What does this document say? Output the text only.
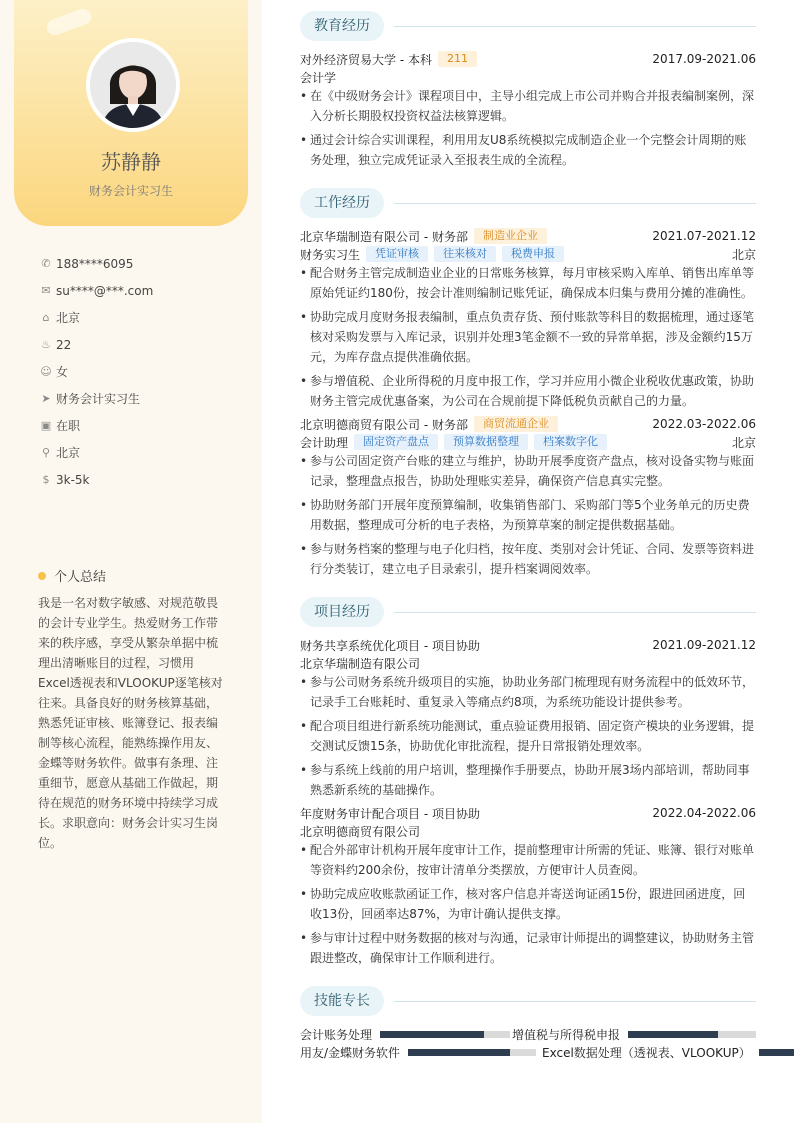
苏静静
财务会计实习生
✆ 188****6095
✉ su****@***.com
⌂ 北京
♨ 22
☺ 女
➤ 财务会计实习生
▣ 在职
⚲ 北京
$ 3k-5k
个人总结
我是一名对数字敏感、对规范敬畏的会计专业学生。热爱财务工作带来的秩序感，享受从繁杂单据中梳理出清晰账目的过程，习惯用Excel透视表和VLOOKUP逐笔核对往来。具备良好的财务核算基础，熟悉凭证审核、账簿登记、报表编制等核心流程，能熟练操作用友、金蝶等财务软件。做事有条理、注重细节，愿意从基础工作做起，期待在规范的财务环境中持续学习成长。求职意向：财务会计实习生岗位。
教育经历
对外经济贸易大学 - 本科	211	2017.09-2021.06
会计学
• 在《中级财务会计》课程项目中，主导小组完成上市公司并购合并报表编制案例，深入分析长期股权投资权益法核算逻辑。
• 通过会计综合实训课程，利用用友U8系统模拟完成制造企业一个完整会计周期的账务处理，独立完成凭证录入至报表生成的全流程。
工作经历
北京华瑞制造有限公司 - 财务部	制造业企业	2021.07-2021.12
财务实习生	凭证审核	往来核对	税费申报	北京
• 配合财务主管完成制造业企业的日常账务核算，每月审核采购入库单、销售出库单等原始凭证约180份，按会计准则编制记账凭证，确保成本归集与费用分摊的准确性。
• 协助完成月度财务报表编制，重点负责存货、预付账款等科目的数据梳理，通过逐笔核对采购发票与入库记录，识别并处理3笔金额不一致的异常单据，涉及金额约15万元，为库存盘点提供准确依据。
• 参与增值税、企业所得税的月度申报工作，学习并应用小微企业税收优惠政策，协助财务主管完成优惠备案，为公司在合规前提下降低税负贡献自己的力量。
北京明德商贸有限公司 - 财务部	商贸流通企业	2022.03-2022.06
会计助理	固定资产盘点	预算数据整理	档案数字化	北京
• 参与公司固定资产台账的建立与维护，协助开展季度资产盘点，核对设备实物与账面记录，整理盘点报告，协助处理账实差异，确保资产信息真实完整。
• 协助财务部门开展年度预算编制，收集销售部门、采购部门等5个业务单元的历史费用数据，整理成可分析的电子表格，为预算草案的制定提供数据基础。
• 参与财务档案的整理与电子化归档，按年度、类别对会计凭证、合同、发票等资料进行分类装订，建立电子目录索引，提升档案调阅效率。
项目经历
财务共享系统优化项目 - 项目协助	2021.09-2021.12
北京华瑞制造有限公司
• 参与公司财务系统升级项目的实施，协助业务部门梳理现有财务流程中的低效环节，记录手工台账耗时、重复录入等痛点约8项，为系统功能设计提供参考。
• 配合项目组进行新系统功能测试，重点验证费用报销、固定资产模块的业务逻辑，提交测试反馈15条，协助优化审批流程，提升日常报销处理效率。
• 参与系统上线前的用户培训，整理操作手册要点，协助开展3场内部培训，帮助同事熟悉新系统的基础操作。
年度财务审计配合项目 - 项目协助	2022.04-2022.06
北京明德商贸有限公司
• 配合外部审计机构开展年度审计工作，提前整理审计所需的凭证、账簿、银行对账单等资料约200余份，按审计清单分类摆放，方便审计人员查阅。
• 协助完成应收账款函证工作，核对客户信息并寄送询证函15份，跟进回函进度，回收13份，回函率达87%，为审计确认提供支撑。
• 参与审计过程中财务数据的核对与沟通，记录审计师提出的调整建议，协助财务主管跟进整改，确保审计工作顺利进行。
技能专长
会计账务处理	增值税与所得税申报
用友/金蝶财务软件	Excel数据处理（透视表、VLOOKUP）
